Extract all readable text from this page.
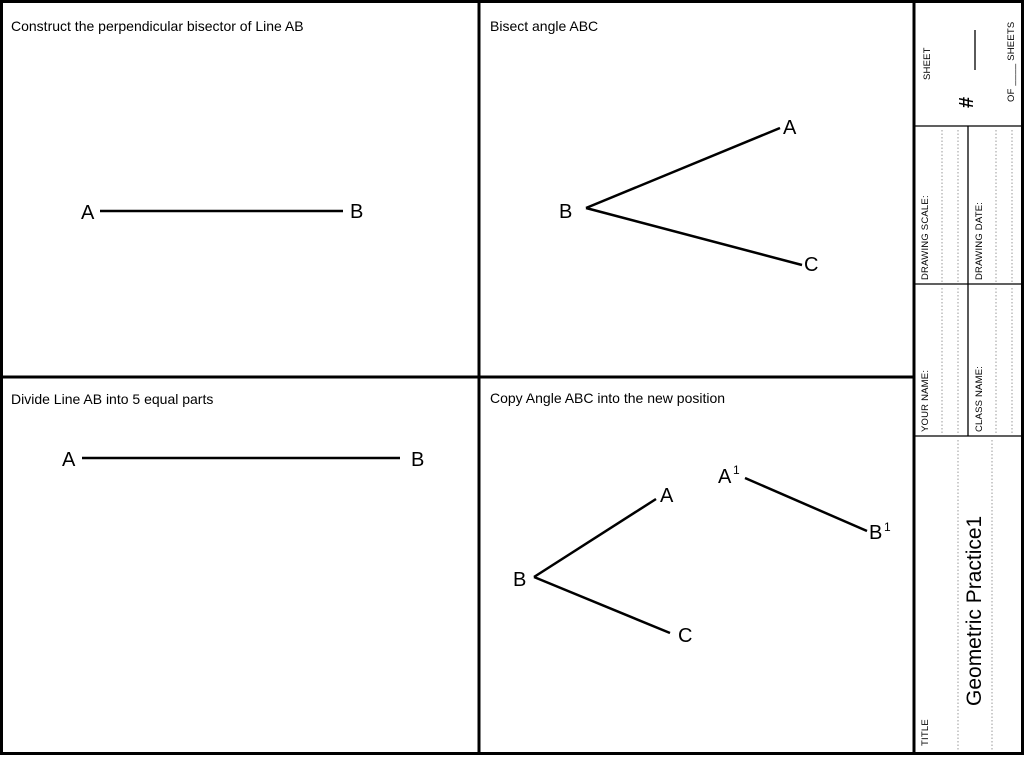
A	B
A
B
C
A	B
A
B
C
A 1
B 1
Construct the perpendicular bisector of Line AB	Bisect angle ABC
Divide Line AB into 5 equal parts	Copy Angle ABC into the new position
SHEET
#
OF ____ SHEETS
DRAWING SCALE:	DRAWING DATE:
YOUR NAME:	CLASS NAME:
TITLE
Geometric Practice1
